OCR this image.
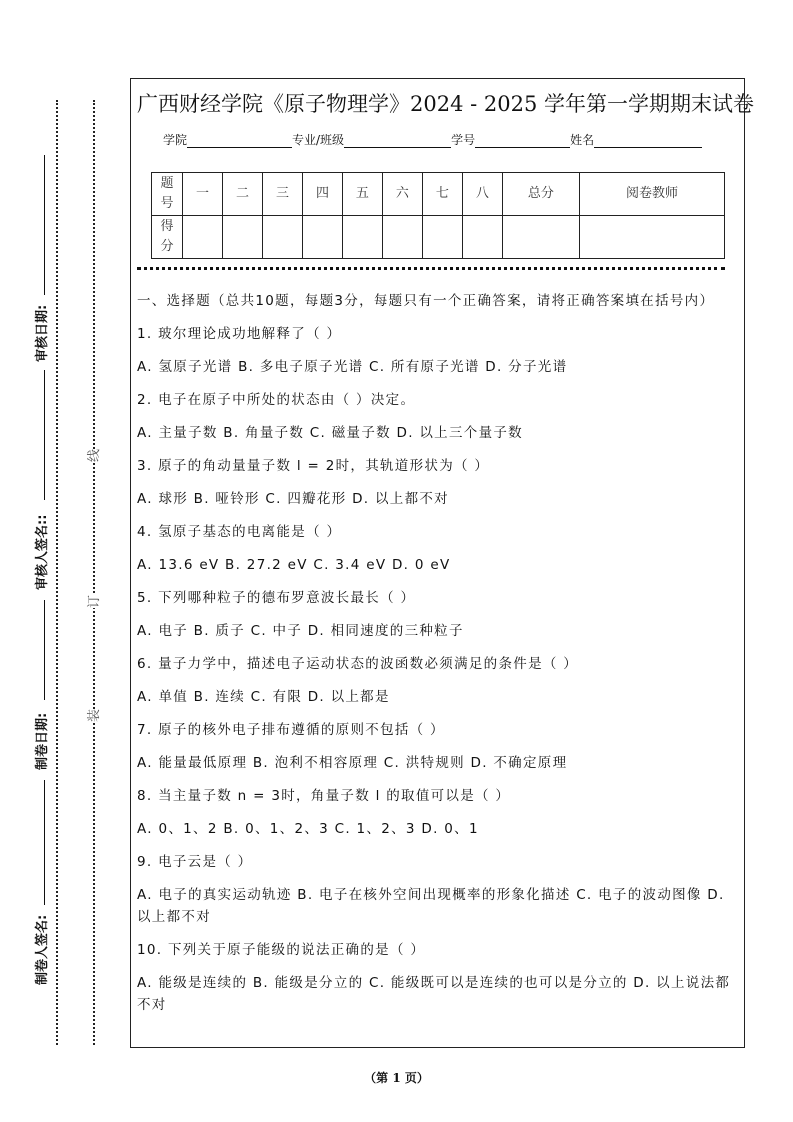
广西财经学院《原子物理学》2024 - 2025 学年第一学期期末试卷
学院	专业/班级	学号	姓名
题号	一	二	三	四	五	六	七	八	总分	阅卷教师
得分										
一、选择题（总共10题，每题3分，每题只有一个正确答案，请将正确答案填在括号内）
1. 玻尔理论成功地解释了（ ）
A. 氢原子光谱 B. 多电子原子光谱 C. 所有原子光谱 D. 分子光谱
2. 电子在原子中所处的状态由（ ）决定。
A. 主量子数 B. 角量子数 C. 磁量子数 D. 以上三个量子数
3. 原子的角动量量子数 l = 2时，其轨道形状为（ ）
A. 球形 B. 哑铃形 C. 四瓣花形 D. 以上都不对
4. 氢原子基态的电离能是（ ）
A. 13.6 eV B. 27.2 eV C. 3.4 eV D. 0 eV
5. 下列哪种粒子的德布罗意波长最长（ ）
A. 电子 B. 质子 C. 中子 D. 相同速度的三种粒子
6. 量子力学中，描述电子运动状态的波函数必须满足的条件是（ ）
A. 单值 B. 连续 C. 有限 D. 以上都是
7. 原子的核外电子排布遵循的原则不包括（ ）
A. 能量最低原理 B. 泡利不相容原理 C. 洪特规则 D. 不确定原理
8. 当主量子数 n = 3时，角量子数 l 的取值可以是（ ）
A. 0、1、2 B. 0、1、2、3 C. 1、2、3 D. 0、1
9. 电子云是（ ）
A. 电子的真实运动轨迹 B. 电子在核外空间出现概率的形象化描述 C. 电子的波动图像 D. 以上都不对
10. 下列关于原子能级的说法正确的是（ ）
A. 能级是连续的 B. 能级是分立的 C. 能级既可以是连续的也可以是分立的 D. 以上说法都不对
线
订
装
审核日期:
审核人签名::
制卷日期:
制卷人签名:
（第 1 页）
